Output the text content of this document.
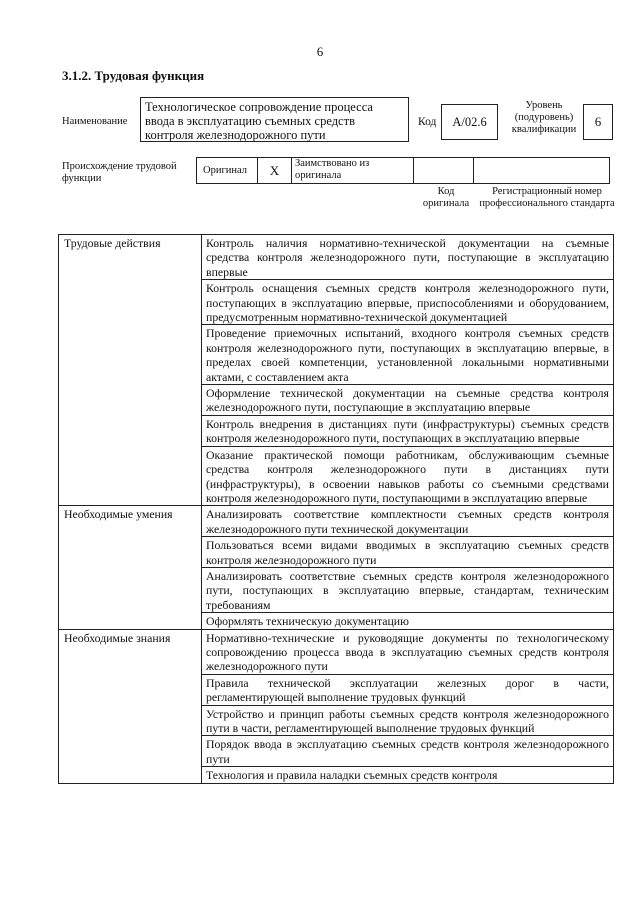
6
3.1.2. Трудовая функция
Наименование
Технологическое сопровождение процесса ввода в эксплуатацию съемных средств контроля железнодорожного пути
Код	А/02.6
Уровень (подуровень) квалификации
6
Происхождение трудовой функции
Оригинал	X	Заимствовано из оригинала
Код оригинала
Регистрационный номер профессионального стандарта
Трудовые действия	Контроль наличия нормативно-технической документации на съемные средства контроля железнодорожного пути, поступающие в эксплуатацию впервые
	Контроль оснащения съемных средств контроля железнодорожного пути, поступающих в эксплуатацию впервые, приспособлениями и оборудованием, предусмотренным нормативно-технической документацией
	Проведение приемочных испытаний, входного контроля съемных средств контроля железнодорожного пути, поступающих в эксплуатацию впервые, в пределах своей компетенции, установленной локальными нормативными актами, с составлением акта
	Оформление технической документации на съемные средства контроля железнодорожного пути, поступающие в эксплуатацию впервые
	Контроль внедрения в дистанциях пути (инфраструктуры) съемных средств контроля железнодорожного пути, поступающих в эксплуатацию впервые
	Оказание практической помощи работникам, обслуживающим съемные средства контроля железнодорожного пути в дистанциях пути (инфраструктуры), в освоении навыков работы со съемными средствами контроля железнодорожного пути, поступающими в эксплуатацию впервые
Необходимые умения	Анализировать соответствие комплектности съемных средств контроля железнодорожного пути технической документации
	Пользоваться всеми видами вводимых в эксплуатацию съемных средств контроля железнодорожного пути
	Анализировать соответствие съемных средств контроля железнодорожного пути, поступающих в эксплуатацию впервые, стандартам, техническим требованиям
	Оформлять техническую документацию
Необходимые знания	Нормативно-технические и руководящие документы по технологическому сопровождению процесса ввода в эксплуатацию съемных средств контроля железнодорожного пути
	Правила технической эксплуатации железных дорог в части, регламентирующей выполнение трудовых функций
	Устройство и принцип работы съемных средств контроля железнодорожного пути в части, регламентирующей выполнение трудовых функций
	Порядок ввода в эксплуатацию съемных средств контроля железнодорожного пути
	Технология и правила наладки съемных средств контроля
